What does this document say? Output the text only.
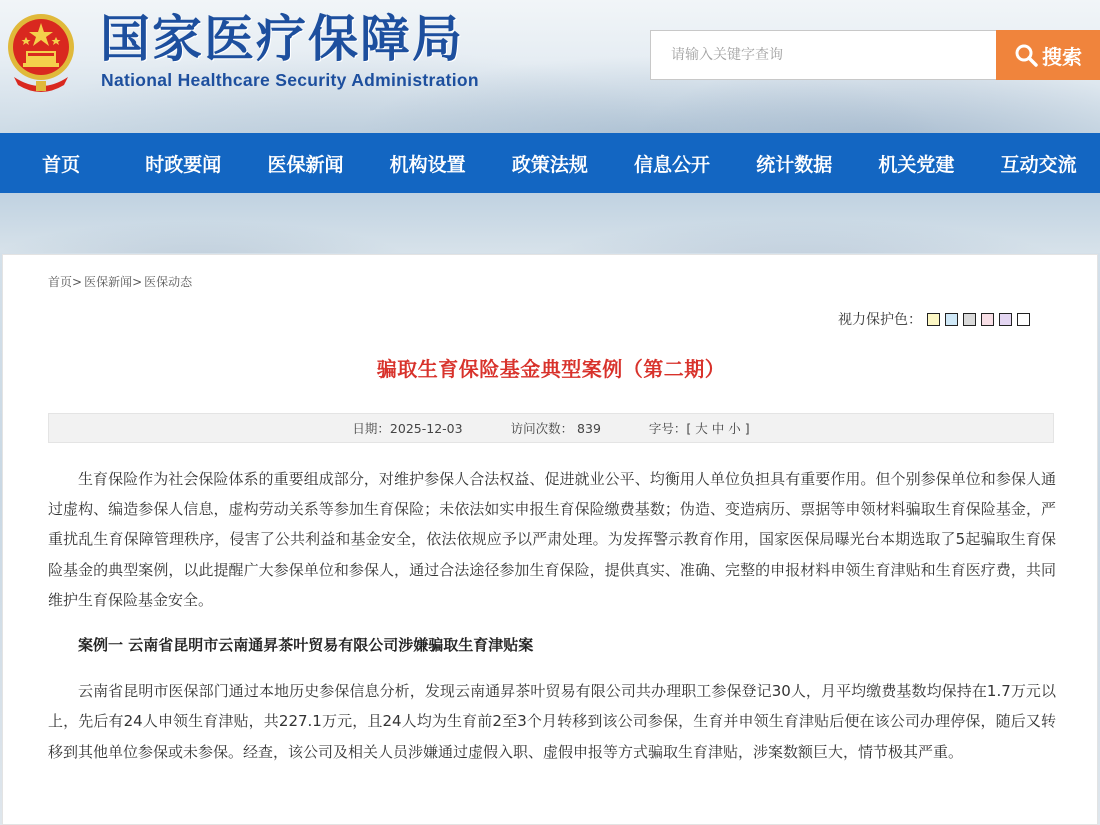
国家医疗保障局
National Healthcare Security Administration
请输入关键字查询
搜索
首页	时政要闻	医保新闻	机构设置	政策法规	信息公开	统计数据	机关党建	互动交流
首页> 医保新闻> 医保动态
视力保护色：
骗取生育保险基金典型案例（第二期）
日期：2025-12-03	访问次数： 839	字号：[ 大 中 小 ]

生育保险作为社会保险体系的重要组成部分，对维护参保人合法权益、促进就业公平、均衡用人单位负担具有重要作用。但个别参保单位和参保人通过虚构、编造参保人信息，虚构劳动关系等参加生育保险；未依法如实申报生育保险缴费基数；伪造、变造病历、票据等申领材料骗取生育保险基金，严重扰乱生育保障管理秩序，侵害了公共利益和基金安全，依法依规应予以严肃处理。为发挥警示教育作用，国家医保局曝光台本期选取了5起骗取生育保险基金的典型案例，以此提醒广大参保单位和参保人，通过合法途径参加生育保险，提供真实、准确、完整的申报材料申领生育津贴和生育医疗费，共同维护生育保险基金安全。

案例一 云南省昆明市云南通昇茶叶贸易有限公司涉嫌骗取生育津贴案

云南省昆明市医保部门通过本地历史参保信息分析，发现云南通昇茶叶贸易有限公司共办理职工参保登记30人，月平均缴费基数均保持在1.7万元以上，先后有24人申领生育津贴，共227.1万元，且24人均为生育前2至3个月转移到该公司参保，生育并申领生育津贴后便在该公司办理停保，随后又转移到其他单位参保或未参保。经查，该公司及相关人员涉嫌通过虚假入职、虚假申报等方式骗取生育津贴，涉案数额巨大，情节极其严重。
